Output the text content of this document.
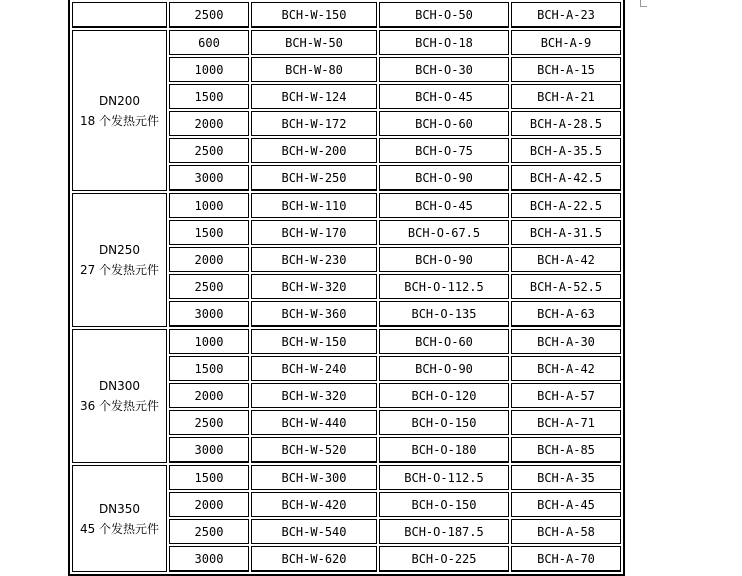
	2500	BCH-W-150	BCH-O-50	BCH-A-23

DN200
18 个发热元件	600	BCH-W-50	BCH-O-18	BCH-A-9
	1000	BCH-W-80	BCH-O-30	BCH-A-15
	1500	BCH-W-124	BCH-O-45	BCH-A-21
	2000	BCH-W-172	BCH-O-60	BCH-A-28.5
	2500	BCH-W-200	BCH-O-75	BCH-A-35.5
	3000	BCH-W-250	BCH-O-90	BCH-A-42.5

DN250
27 个发热元件	1000	BCH-W-110	BCH-O-45	BCH-A-22.5
	1500	BCH-W-170	BCH-O-67.5	BCH-A-31.5
	2000	BCH-W-230	BCH-O-90	BCH-A-42
	2500	BCH-W-320	BCH-O-112.5	BCH-A-52.5
	3000	BCH-W-360	BCH-O-135	BCH-A-63

DN300
36 个发热元件	1000	BCH-W-150	BCH-O-60	BCH-A-30
	1500	BCH-W-240	BCH-O-90	BCH-A-42
	2000	BCH-W-320	BCH-O-120	BCH-A-57
	2500	BCH-W-440	BCH-O-150	BCH-A-71
	3000	BCH-W-520	BCH-O-180	BCH-A-85

DN350
45 个发热元件	1500	BCH-W-300	BCH-O-112.5	BCH-A-35
	2000	BCH-W-420	BCH-O-150	BCH-A-45
	2500	BCH-W-540	BCH-O-187.5	BCH-A-58
	3000	BCH-W-620	BCH-O-225	BCH-A-70
